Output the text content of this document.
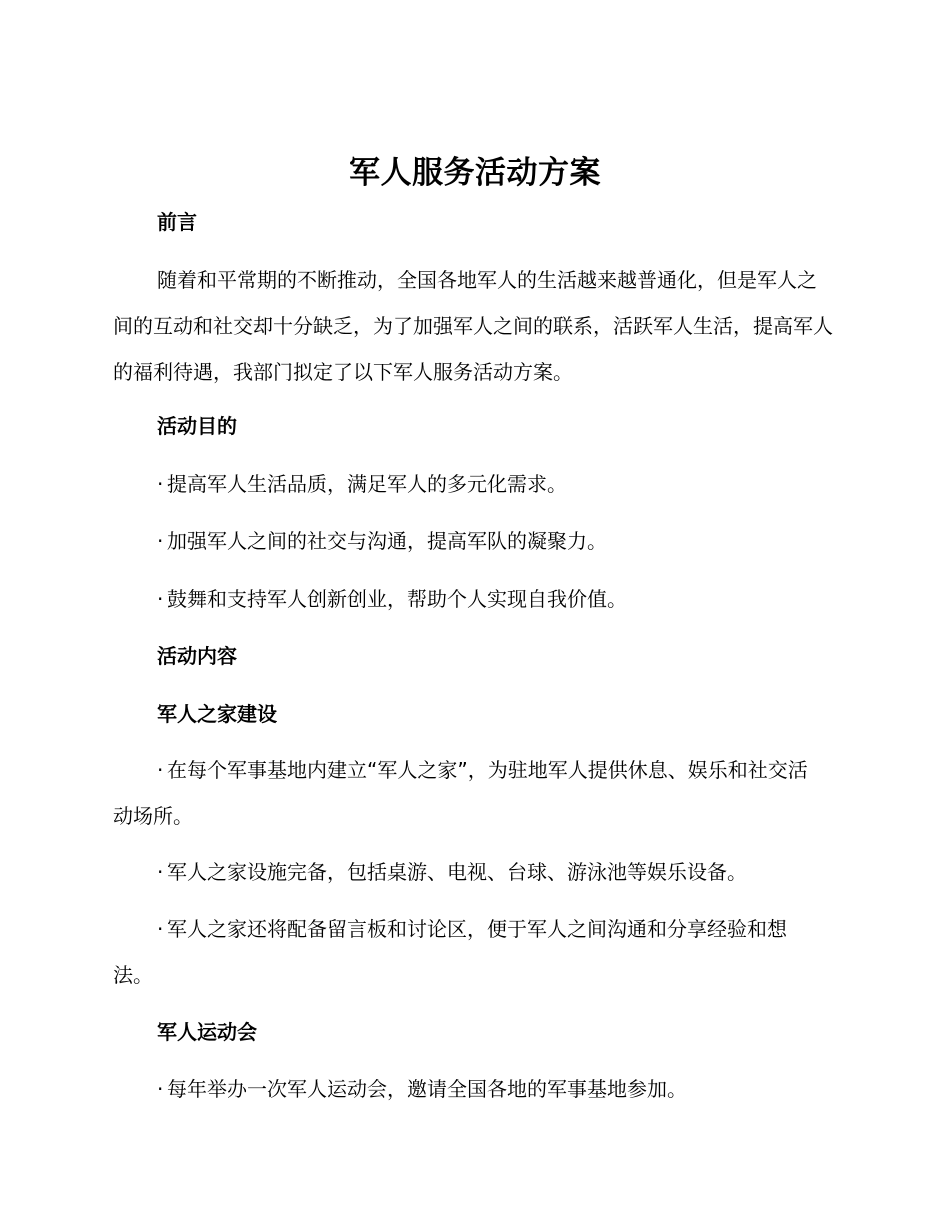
军人服务活动方案
前言

随着和平常期的不断推动，全国各地军人的生活越来越普通化，但是军人之间的互动和社交却十分缺乏，为了加强军人之间的联系，活跃军人生活，提高军人的福利待遇，我部门拟定了以下军人服务活动方案。

活动目的
· 提高军人生活品质，满足军人的多元化需求。
· 加强军人之间的社交与沟通，提高军队的凝聚力。
· 鼓舞和支持军人创新创业，帮助个人实现自我价值。
活动内容
军人之家建设

· 在每个军事基地内建立“军人之家”，为驻地军人提供休息、娱乐和社交活动场所。

· 军人之家设施完备，包括桌游、电视、台球、游泳池等娱乐设备。

· 军人之家还将配备留言板和讨论区，便于军人之间沟通和分享经验和想法。

军人运动会
· 每年举办一次军人运动会，邀请全国各地的军事基地参加。
